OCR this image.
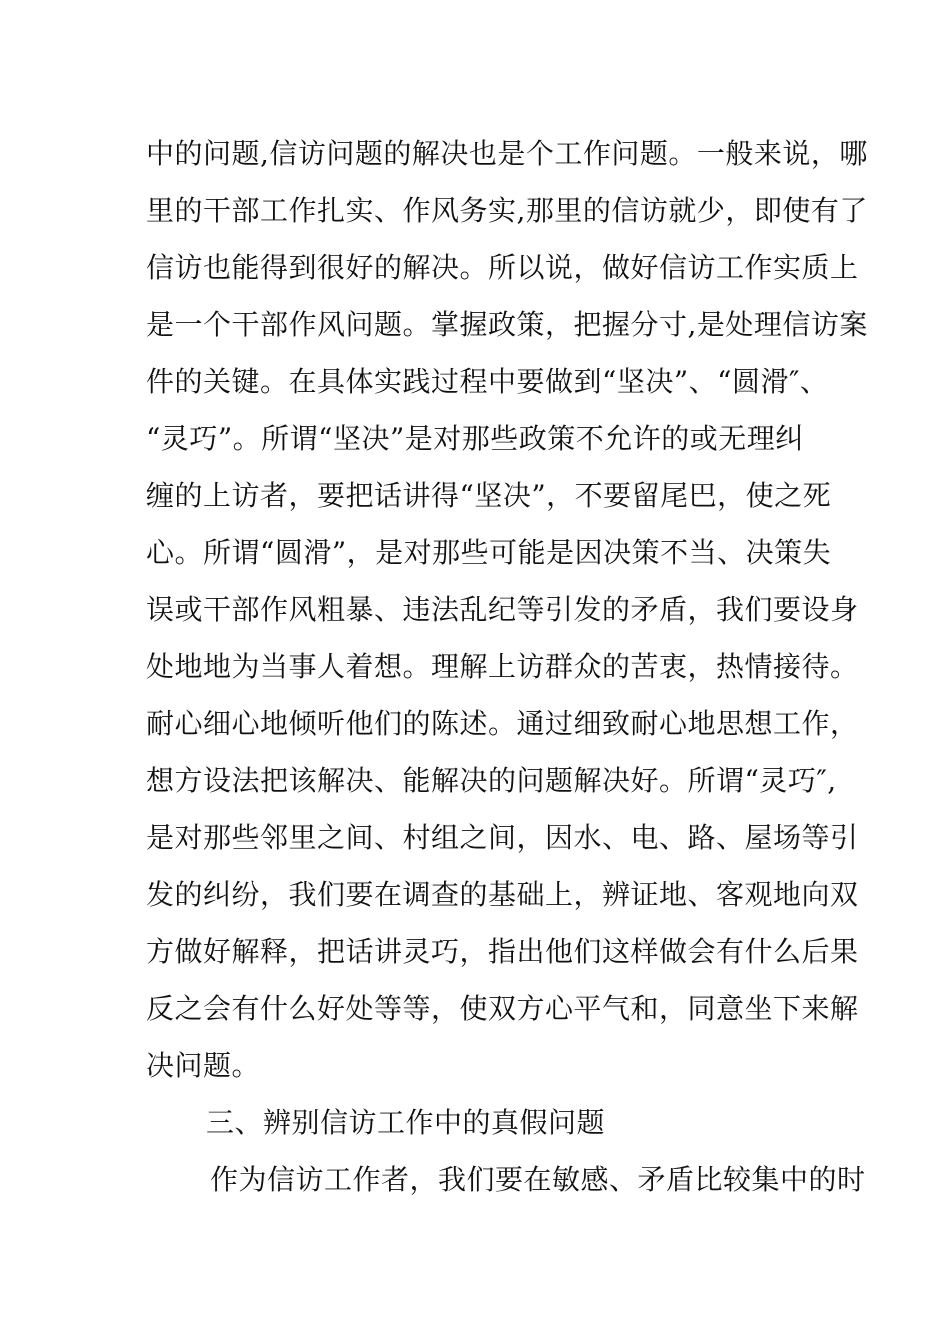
中的问题,信访问题的解决也是个工作问题。一般来说，哪
里的干部工作扎实、作风务实,那里的信访就少，即使有了
信访也能得到很好的解决。所以说，做好信访工作实质上
是一个干部作风问题。掌握政策，把握分寸,是处理信访案
件的关键。在具体实践过程中要做到“坚决”、“圆滑″、
“灵巧”。所谓“坚决”是对那些政策不允许的或无理纠
缠的上访者，要把话讲得“坚决”，不要留尾巴，使之死
心。所谓“圆滑”，是对那些可能是因决策不当、决策失
误或干部作风粗暴、违法乱纪等引发的矛盾，我们要设身
处地地为当事人着想。理解上访群众的苦衷，热情接待。
耐心细心地倾听他们的陈述。通过细致耐心地思想工作，
想方设法把该解决、能解决的问题解决好。所谓“灵巧″,
是对那些邻里之间、村组之间，因水、电、路、屋场等引
发的纠纷，我们要在调查的基础上，辨证地、客观地向双
方做好解释，把话讲灵巧，指出他们这样做会有什么后果
反之会有什么好处等等，使双方心平气和，同意坐下来解
决问题。
三、辨别信访工作中的真假问题
作为信访工作者，我们要在敏感、矛盾比较集中的时
